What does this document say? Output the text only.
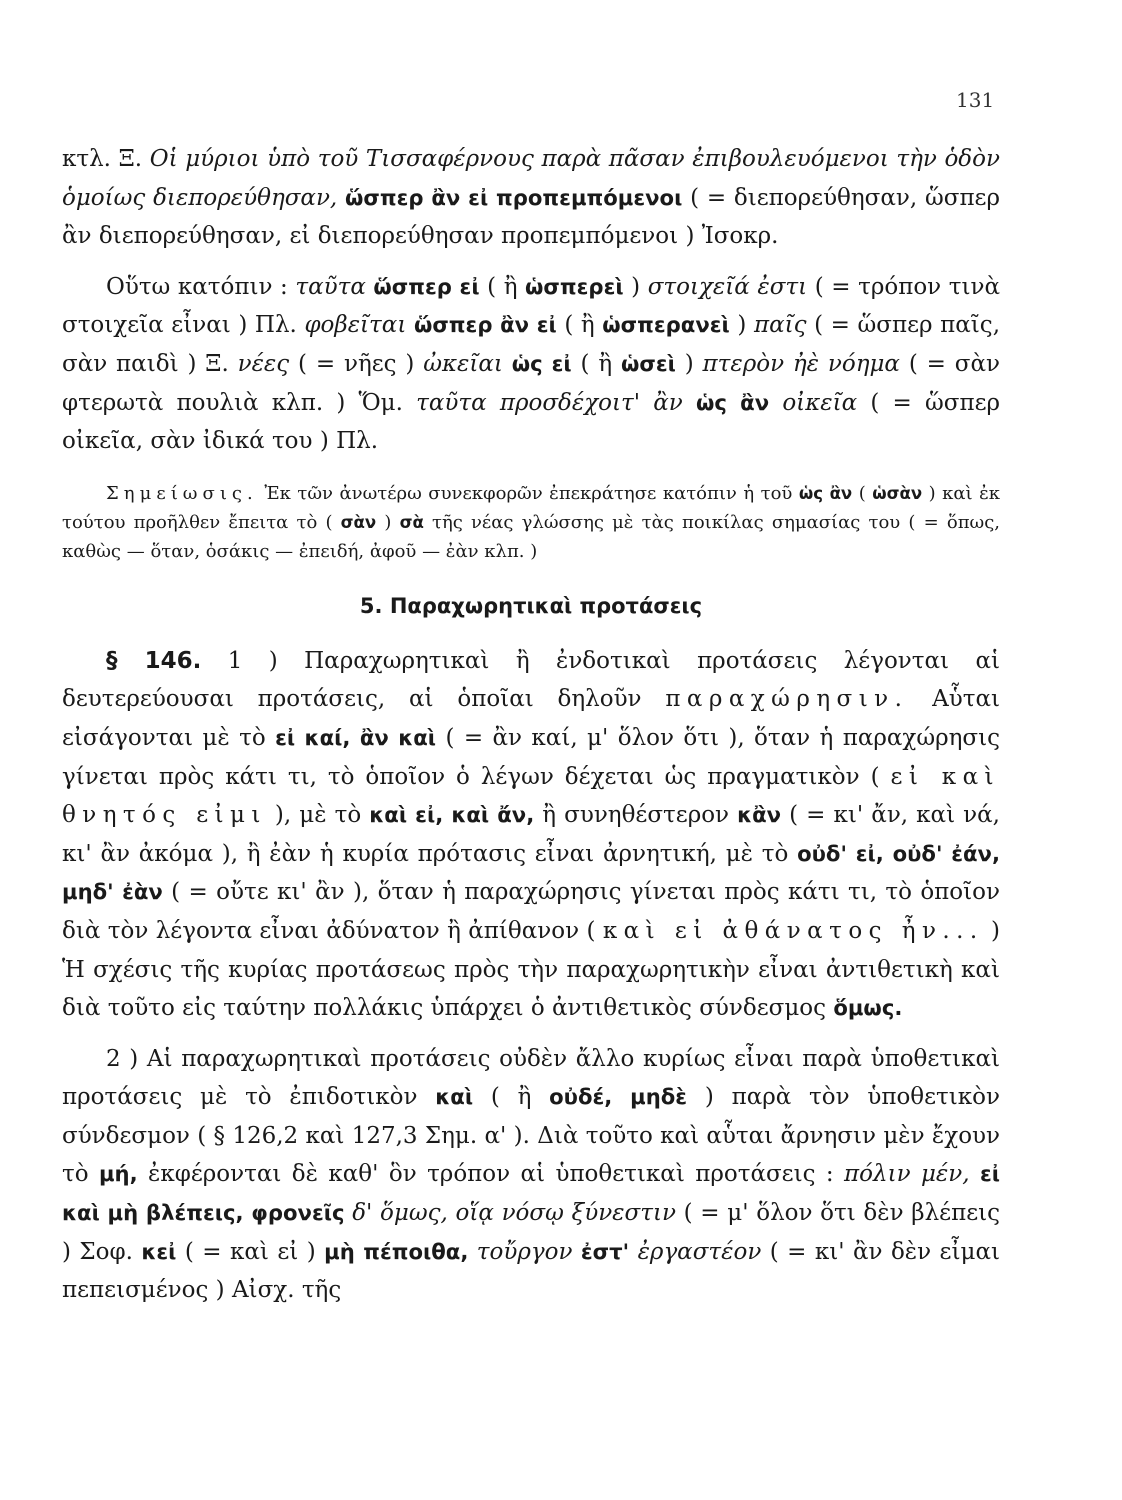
131

κτλ. Ξ. Οἱ μύριοι ὑπὸ τοῦ Τισσαφέρνους παρὰ πᾶσαν ἐπιβουλευόμενοι τὴν ὁδὸν ὁμοίως διεπορεύθησαν, ὥσπερ ἂν εἰ προπεμπόμενοι ( = διεπορεύθησαν, ὥσπερ ἂν διεπορεύθησαν, εἰ διεπορεύθησαν προπεμπόμενοι ) Ἰσοκρ.

Οὕτω κατόπιν : ταῦτα ὥσπερ εἰ ( ἢ ὡσπερεὶ ) στοιχεῖά ἐστι ( = τρόπον τινὰ στοιχεῖα εἶναι ) Πλ. φοβεῖται ὥσπερ ἂν εἰ ( ἢ ὡσπερανεὶ ) παῖς ( = ὥσπερ παῖς, σὰν παιδὶ ) Ξ. νέες ( = νῆες ) ὠκεῖαι ὡς εἰ ( ἢ ὡσεὶ ) πτερὸν ἠὲ νόημα ( = σὰν φτερωτὰ πουλιὰ κλπ. ) Ὅμ. ταῦτα προσδέχοιτ' ἂν ὡς ἂν οἰκεῖα ( = ὥσπερ οἰκεῖα, σὰν ἰδικά του ) Πλ.

Σημείωσις. Ἐκ τῶν ἀνωτέρω συνεκφορῶν ἐπεκράτησε κατόπιν ἡ τοῦ ὡς ἂν ( ὡσὰν ) καὶ ἐκ τούτου προῆλθεν ἔπειτα τὸ ( σὰν ) σὰ τῆς νέας γλώσσης μὲ τὰς ποικίλας σημασίας του ( = ὅπως, καθὼς — ὅταν, ὁσάκις — ἐπειδή, ἀφοῦ — ἐὰν κλπ. )

5. Παραχωρητικαὶ προτάσεις

§ 146. 1 ) Παραχωρητικαὶ ἢ ἐνδοτικαὶ προτάσεις λέγονται αἱ δευτερεύουσαι προτάσεις, αἱ ὁποῖαι δηλοῦν παραχώρησιν. Αὗται εἰσάγονται μὲ τὸ εἰ καί, ἂν καὶ ( = ἂν καί, μ' ὅλον ὅτι ), ὅταν ἡ παραχώρησις γίνεται πρὸς κάτι τι, τὸ ὁποῖον ὁ λέγων δέχεται ὡς πραγματικὸν ( εἰ καὶ θνητός εἰμι ), μὲ τὸ καὶ εἰ, καὶ ἄν, ἢ συνηθέστερον κἂν ( = κι' ἄν, καὶ νά, κι' ἂν ἀκόμα ), ἢ ἐὰν ἡ κυρία πρότασις εἶναι ἀρνητική, μὲ τὸ οὐδ' εἰ, οὐδ' ἐάν, μηδ' ἐὰν ( = οὔτε κι' ἂν ), ὅταν ἡ παραχώρησις γίνεται πρὸς κάτι τι, τὸ ὁποῖον διὰ τὸν λέγοντα εἶναι ἀδύνατον ἢ ἀπίθανον ( καὶ εἰ ἀθάνατος ἦν... ) Ἡ σχέσις τῆς κυρίας προτάσεως πρὸς τὴν παραχωρητικὴν εἶναι ἀντιθετικὴ καὶ διὰ τοῦτο εἰς ταύτην πολλάκις ὑπάρχει ὁ ἀντιθετικὸς σύνδεσμος ὅμως.

2 ) Αἱ παραχωρητικαὶ προτάσεις οὐδὲν ἄλλο κυρίως εἶναι παρὰ ὑποθετικαὶ προτάσεις μὲ τὸ ἐπιδοτικὸν καὶ ( ἢ οὐδέ, μηδὲ ) παρὰ τὸν ὑποθετικὸν σύνδεσμον ( § 126,2 καὶ 127,3 Σημ. α' ). Διὰ τοῦτο καὶ αὗται ἄρνησιν μὲν ἔχουν τὸ μή, ἐκφέρονται δὲ καθ' ὃν τρόπον αἱ ὑποθετικαὶ προτάσεις : πόλιν μέν, εἰ καὶ μὴ βλέπεις, φρονεῖς δ' ὅμως, οἵᾳ νόσῳ ξύνεστιν ( = μ' ὅλον ὅτι δὲν βλέπεις ) Σοφ. κεἰ ( = καὶ εἰ ) μὴ πέποιθα, τοὔργον ἐστ' ἐργαστέον ( = κι' ἂν δὲν εἶμαι πεπεισμένος ) Αἰσχ. τῆς
